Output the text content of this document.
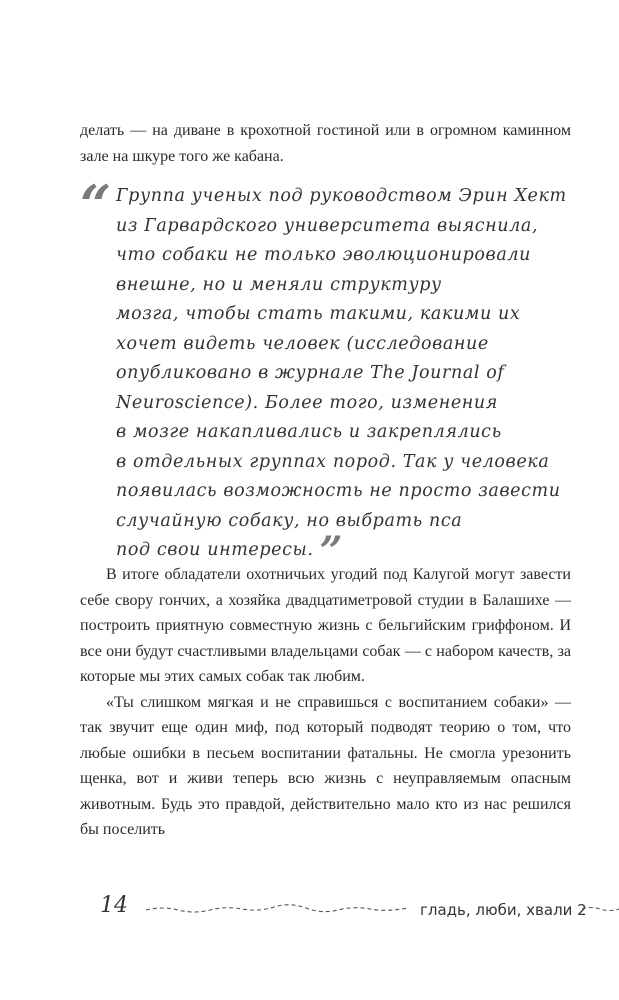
делать — на диване в крохотной гостиной или в огромном каминном зале на шкуре того же кабана.

“ Группа ученых под руководством Эрин Хект
из Гарвардского университета выяснила,
что собаки не только эволюционировали
внешне, но и меняли структуру
мозга, чтобы стать такими, какими их
хочет видеть человек (исследование
опубликовано в журнале The Journal of
Neuroscience). Более того, изменения
в мозге накапливались и закреплялись
в отдельных группах пород. Так у человека
появилась возможность не просто завести
случайную собаку, но выбрать пса
под свои интересы. ”

В итоге обладатели охотничьих угодий под Калугой могут завести себе свору гончих, а хозяйка двадцатиметровой студии в Балашихе — построить приятную совместную жизнь с бельгийским гриффоном. И все они будут счастливыми владельцами собак — с набором качеств, за которые мы этих самых собак так любим.

«Ты слишком мягкая и не справишься с воспитанием собаки» — так звучит еще один миф, под который подводят теорию о том, что любые ошибки в песьем воспитании фатальны. Не смогла урезонить щенка, вот и живи теперь всю жизнь с неуправляемым опасным животным. Будь это правдой, действительно мало кто из нас решился бы поселить

14	гладь, люби, хвали 2
